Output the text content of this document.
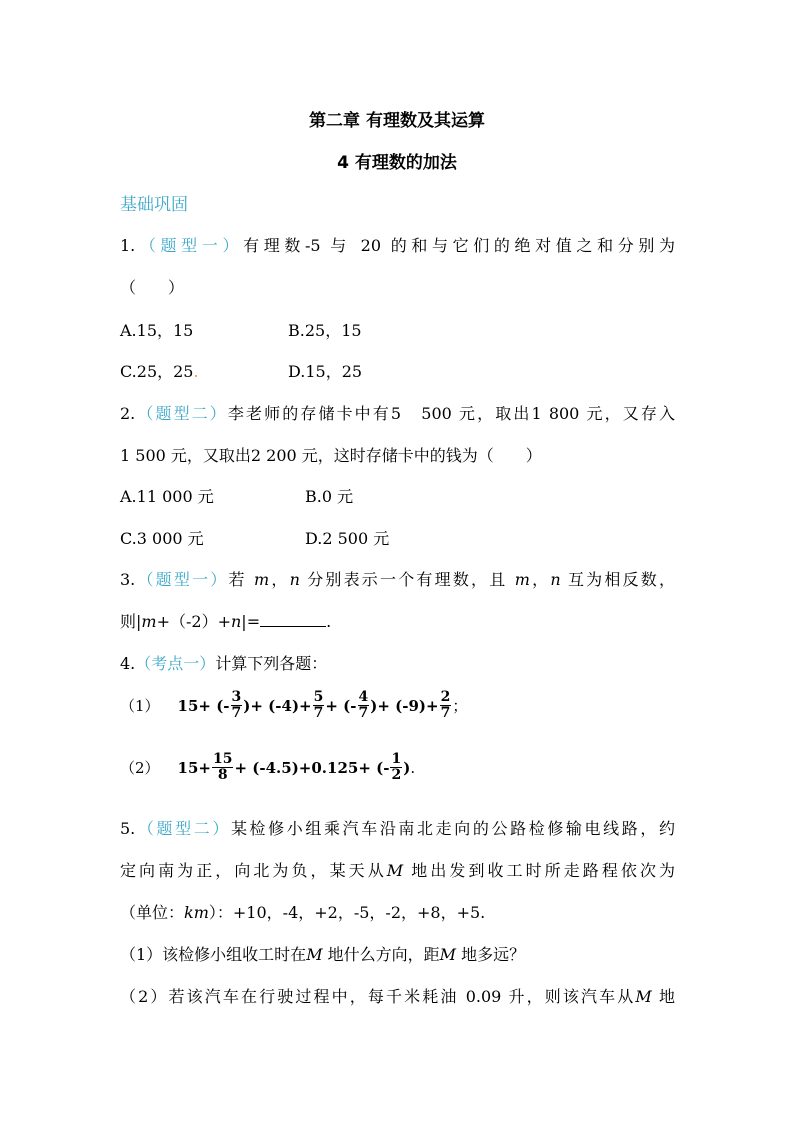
第二章 有理数及其运算
4 有理数的加法
基础巩固
1.（题型一）有理数-5 与 20 的和与它们的绝对值之和分别为
（　　）
A.15，15	B.25，15
C.25，25.	D.15，25
2.（题型二）李老师的存储卡中有5　500 元，取出1 800 元，又存入
1 500 元，又取出2 200 元，这时存储卡中的钱为（　　）
A.11 000 元	B.0 元
C.3 000 元	D.2 500 元
3.（题型一）若 m，n 分别表示一个有理数，且 m，n 互为相反数，
则|m+（-2）+n|=	.
4.（考点一）计算下列各题：
（1） 15+ (- $\frac{3}{7}$ )+ $(-4)+ \frac{5}{7}$ + (- $\frac{4}{7}$ )+ $(-9)+ \frac{2}{7}$ ；
（2） $15+ \frac{15}{8} + (-4.5)+0.125+$ (- $\frac{1}{2}$ ) .
5.（题型二）某检修小组乘汽车沿南北走向的公路检修输电线路，约
定向南为正，向北为负，某天从M 地出发到收工时所走路程依次为
（单位：km）：+10，-4，+2，-5，-2，+8，+5.
（1）该检修小组收工时在M 地什么方向，距M 地多远？
（2）若该汽车在行驶过程中，每千米耗油 0.09 升，则该汽车从M 地
